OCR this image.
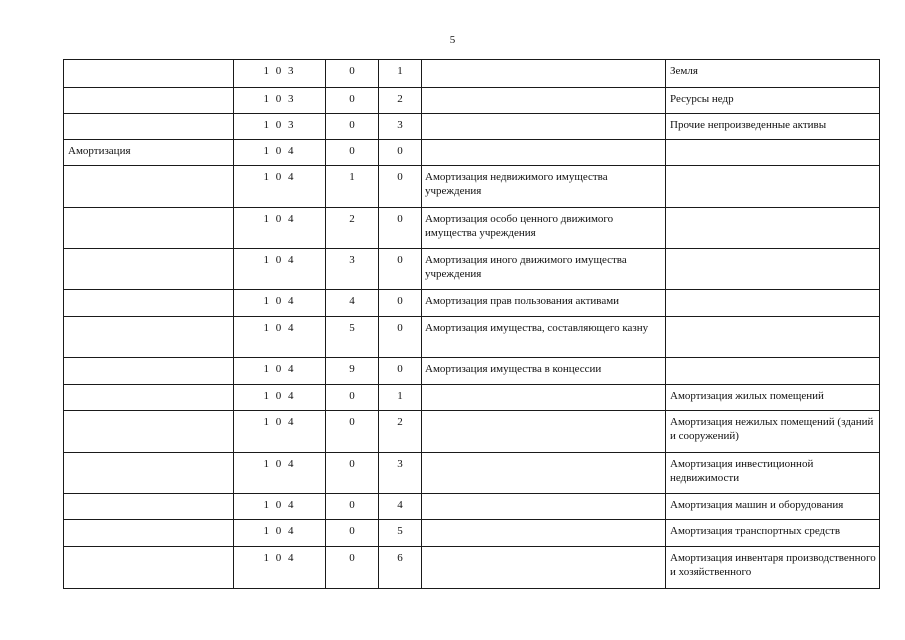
5
	1 0 3	0	1		Земля
	1 0 3	0	2		Ресурсы недр
	1 0 3	0	3		Прочие непроизведенные активы
Амортизация	1 0 4	0	0		
	1 0 4	1	0	Амортизация недвижимого имущества учреждения	
	1 0 4	2	0	Амортизация особо ценного движимого имущества учреждения	
	1 0 4	3	0	Амортизация иного движимого имущества учреждения	
	1 0 4	4	0	Амортизация прав пользования активами	
	1 0 4	5	0	Амортизация имущества, составляющего казну	
	1 0 4	9	0	Амортизация имущества в концессии	
	1 0 4	0	1		Амортизация жилых помещений
	1 0 4	0	2		Амортизация нежилых помещений (зданий и сооружений)
	1 0 4	0	3		Амортизация инвестиционной недвижимости
	1 0 4	0	4		Амортизация машин и оборудования
	1 0 4	0	5		Амортизация транспортных средств
	1 0 4	0	6		Амортизация инвентаря производственного и хозяйственного
